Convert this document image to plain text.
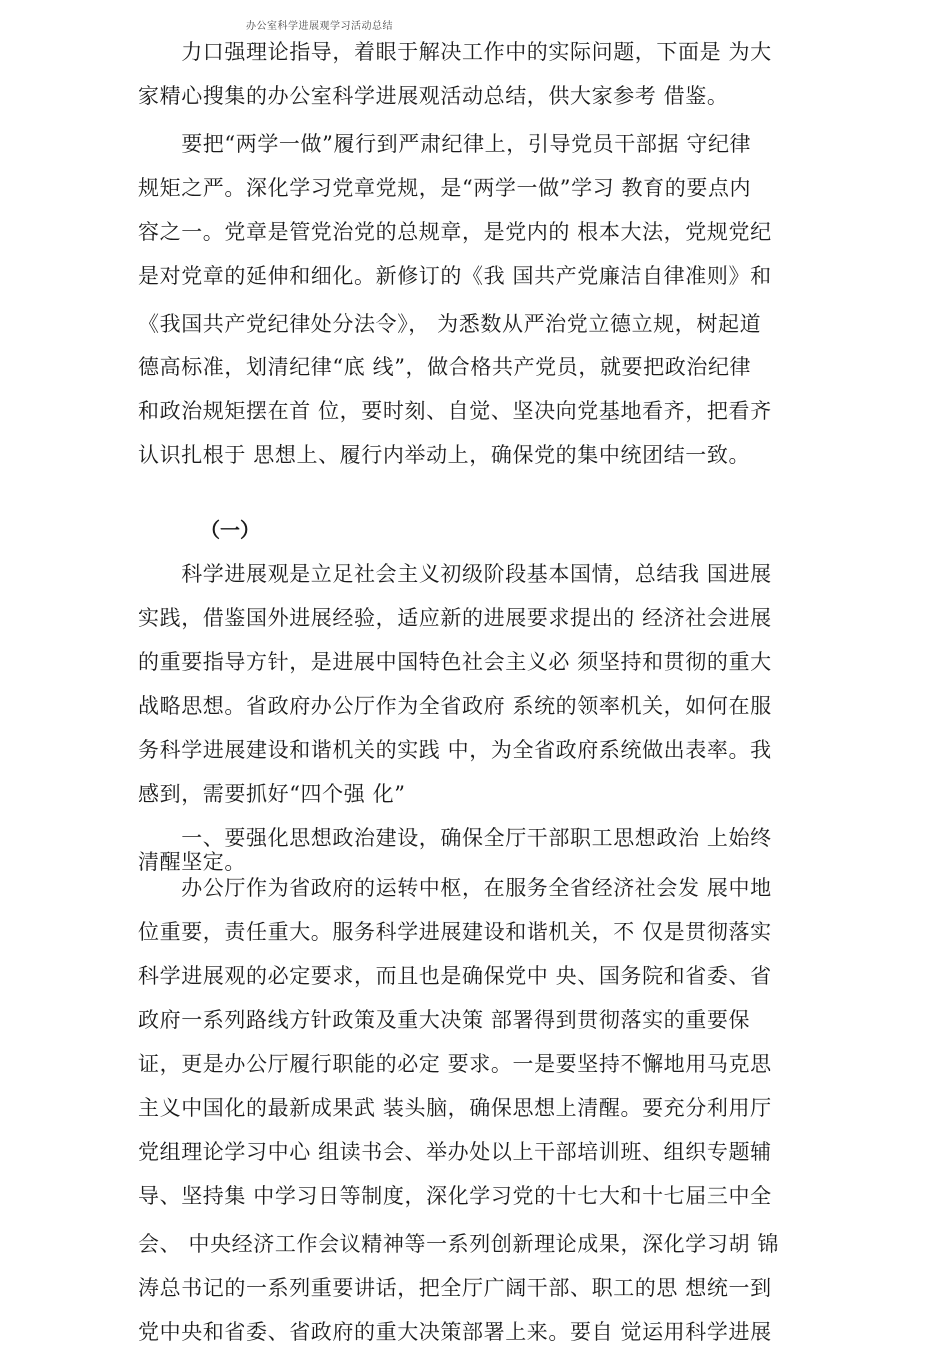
办公室科学进展观学习活动总结
（一）
　　力口强理论指导，着眼于解决工作中的实际问题，下面是 为大
家精心搜集的办公室科学进展观活动总结，供大家参考 借鉴。
　　要把“两学一做”履行到严肃纪律上，引导党员干部据 守纪律
规矩之严。深化学习党章党规，是“两学一做”学习 教育的要点内
容之一。党章是管党治党的总规章，是党内的 根本大法，党规党纪
是对党章的延伸和细化。新修订的《我 国共产党廉洁自律准则》和
《我国共产党纪律处分法令》， 为悉数从严治党立德立规，树起道
德高标准，划清纪律“底 线”，做合格共产党员，就要把政治纪律
和政治规矩摆在首 位，要时刻、自觉、坚决向党基地看齐，把看齐
认识扎根于 思想上、履行内举动上，确保党的集中统团结一致。
　　科学进展观是立足社会主义初级阶段基本国情，总结我 国进展
实践，借鉴国外进展经验，适应新的进展要求提出的 经济社会进展
的重要指导方针，是进展中国特色社会主义必 须坚持和贯彻的重大
战略思想。省政府办公厅作为全省政府 系统的领率机关，如何在服
务科学进展建设和谐机关的实践 中，为全省政府系统做出表率。我
感到，需要抓好“四个强 化”
　　一、要强化思想政治建设，确保全厅干部职工思想政治 上始终
清醒坚定。
　　办公厅作为省政府的运转中枢，在服务全省经济社会发 展中地
位重要，责任重大。服务科学进展建设和谐机关，不 仅是贯彻落实
科学进展观的必定要求，而且也是确保党中 央、国务院和省委、省
政府一系列路线方针政策及重大决策 部署得到贯彻落实的重要保
证，更是办公厅履行职能的必定 要求。一是要坚持不懈地用马克思
主义中国化的最新成果武 装头脑，确保思想上清醒。要充分利用厅
党组理论学习中心 组读书会、举办处以上干部培训班、组织专题辅
导、坚持集 中学习日等制度，深化学习党的十七大和十七届三中全
会、 中央经济工作会议精神等一系列创新理论成果，深化学习胡 锦
涛总书记的一系列重要讲话，把全厅广阔干部、职工的思 想统一到
党中央和省委、省政府的重大决策部署上来。要自 觉运用科学进展
